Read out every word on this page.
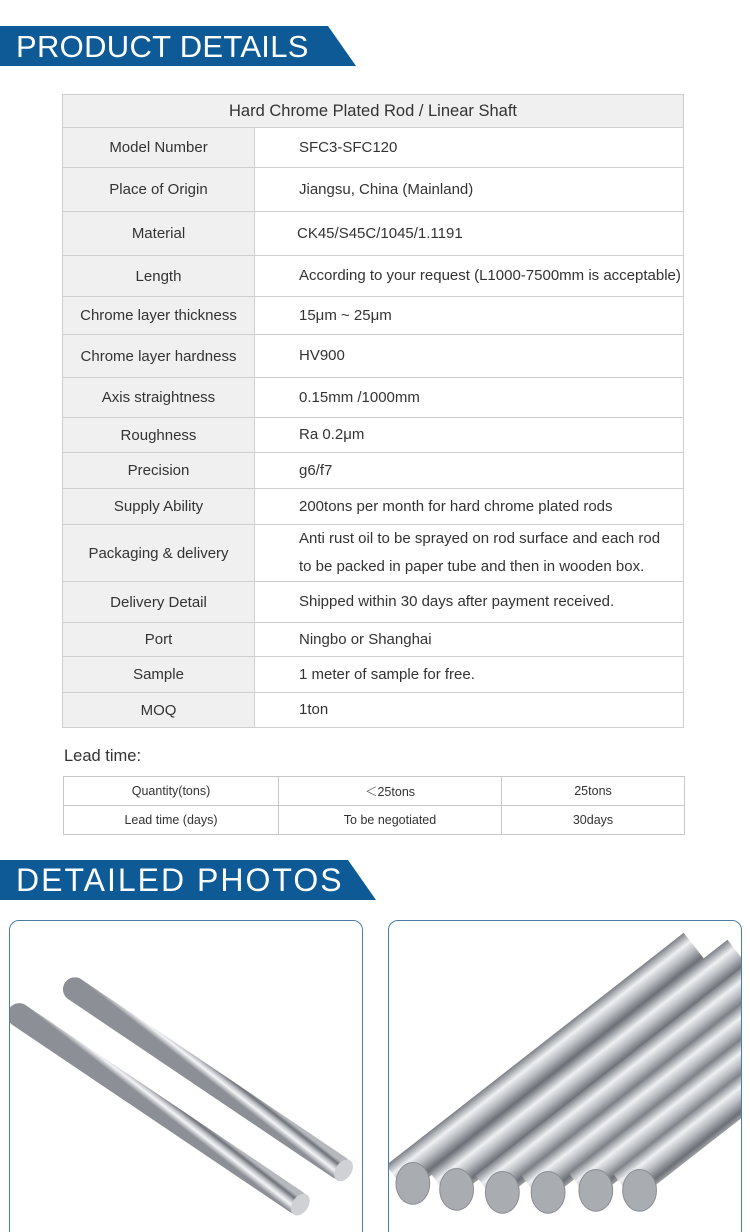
PRODUCT DETAILS
Hard Chrome Plated Rod / Linear Shaft	
Model Number	SFC3-SFC120
Place of Origin	Jiangsu, China (Mainland)
Material	CK45/S45C/1045/1.1191
Length	According to your request (L1000-7500mm is acceptable)
Chrome layer thickness	15μm ~ 25μm
Chrome layer hardness	HV900
Axis straightness	0.15mm /1000mm
Roughness	Ra 0.2μm
Precision	g6/f7
Supply Ability	200tons per month for hard chrome plated rods
Packaging & delivery	Anti rust oil to be sprayed on rod surface and each rod to be packed in paper tube and then in wooden box.
Delivery Detail	Shipped within 30 days after payment received.
Port	Ningbo or Shanghai
Sample	1 meter of sample for free.
MOQ	1ton
Lead time:
Quantity(tons)	＜25tons	25tons
Lead time (days)	To be negotiated	30days
DETAILED PHOTOS
